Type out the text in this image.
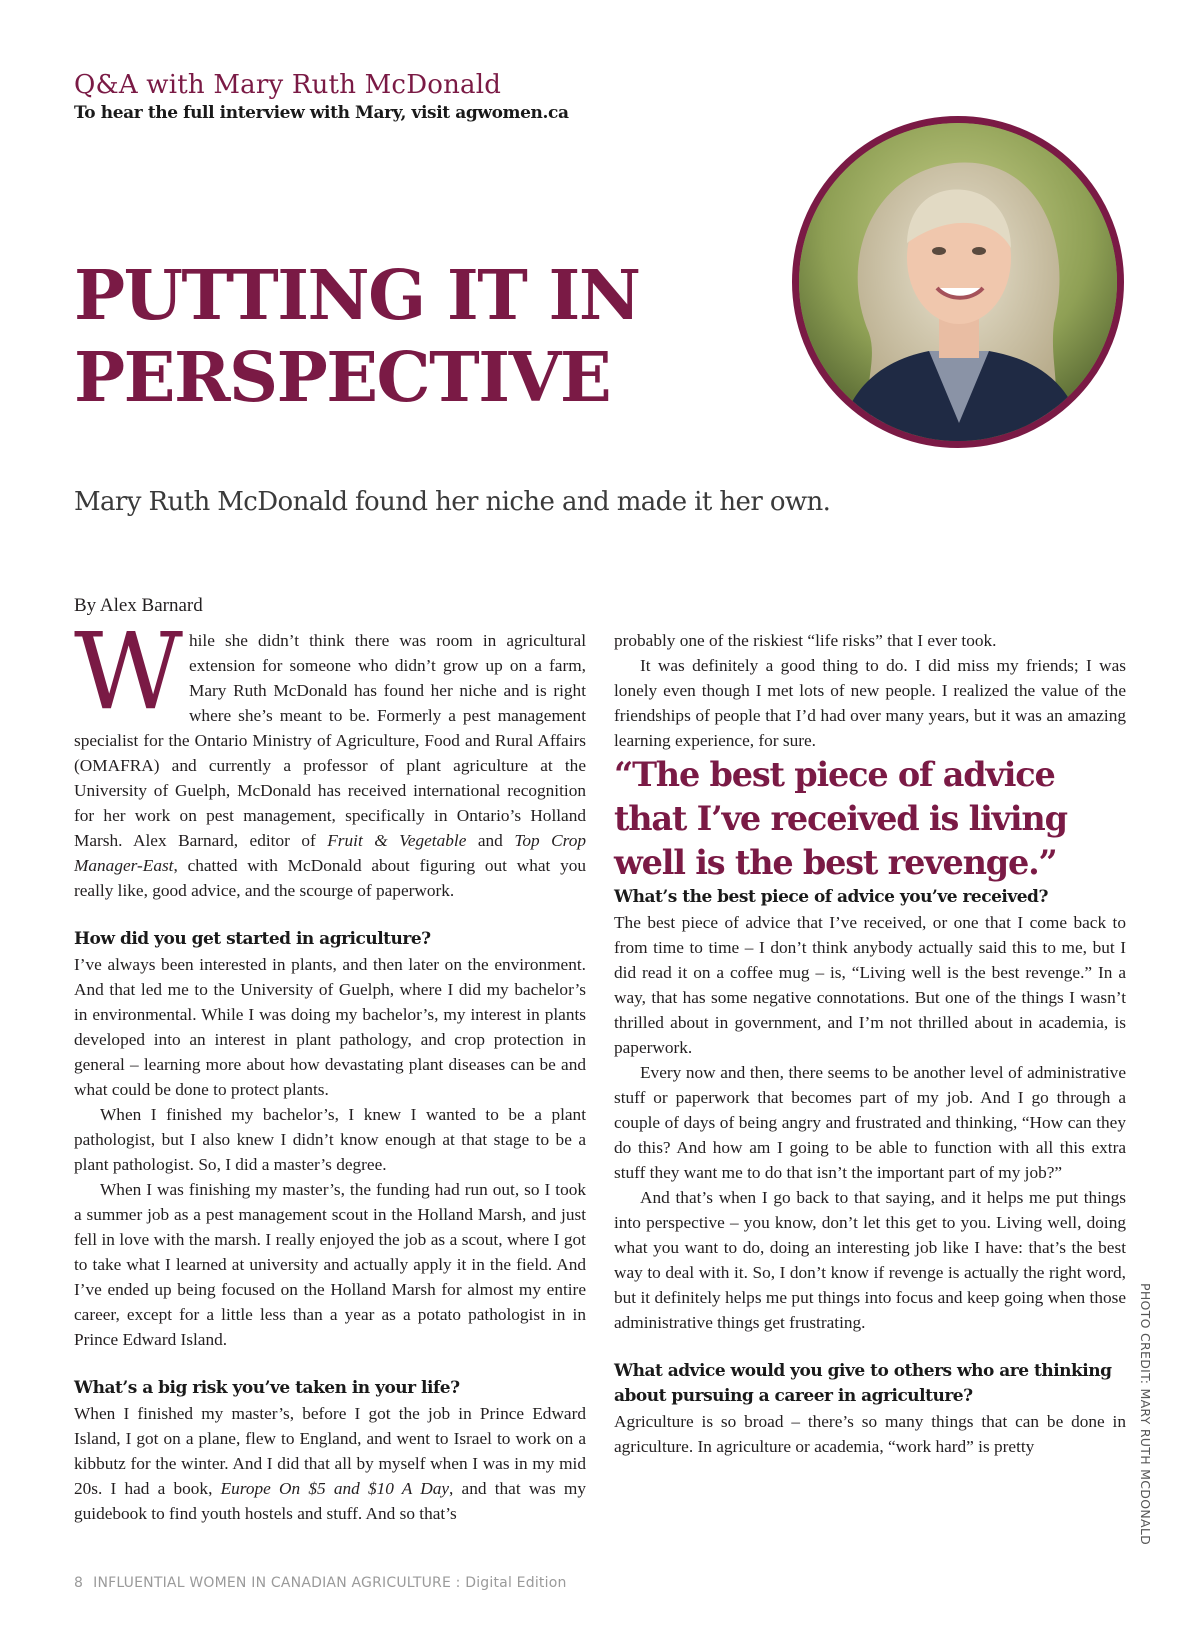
Q&A with Mary Ruth McDonald
To hear the full interview with Mary, visit agwomen.ca
PUTTING IT IN
PERSPECTIVE
Mary Ruth McDonald found her niche and made it her own.
By Alex Barnard

While she didn’t think there was room in agricultural extension for someone who didn’t grow up on a farm, Mary Ruth McDonald has found her niche and is right where she’s meant to be. Formerly a pest management specialist for the Ontario Ministry of Agriculture, Food and Rural Affairs (OMAFRA) and currently a professor of plant agriculture at the University of Guelph, McDonald has received international recognition for her work on pest management, specifically in Ontario’s Holland Marsh. Alex Barnard, editor of Fruit & Vegetable and Top Crop Manager-East, chatted with McDonald about figuring out what you really like, good advice, and the scourge of paperwork.

How did you get started in agriculture?

I’ve always been interested in plants, and then later on the environment. And that led me to the University of Guelph, where I did my bachelor’s in environmental. While I was doing my bachelor’s, my interest in plants developed into an interest in plant pathology, and crop protection in general – learning more about how devastating plant diseases can be and what could be done to protect plants.

When I finished my bachelor’s, I knew I wanted to be a plant pathologist, but I also knew I didn’t know enough at that stage to be a plant pathologist. So, I did a master’s degree.

When I was finishing my master’s, the funding had run out, so I took a summer job as a pest management scout in the Holland Marsh, and just fell in love with the marsh. I really enjoyed the job as a scout, where I got to take what I learned at university and actually apply it in the field. And I’ve ended up being focused on the Holland Marsh for almost my entire career, except for a little less than a year as a potato pathologist in in Prince Edward Island.

What’s a big risk you’ve taken in your life?

When I finished my master’s, before I got the job in Prince Edward Island, I got on a plane, flew to England, and went to Israel to work on a kibbutz for the winter. And I did that all by myself when I was in my mid 20s. I had a book, Europe On $5 and $10 A Day, and that was my guidebook to find youth hostels and stuff. And so that’s

probably one of the riskiest “life risks” that I ever took.

It was definitely a good thing to do. I did miss my friends; I was lonely even though I met lots of new people. I realized the value of the friendships of people that I’d had over many years, but it was an amazing learning experience, for sure.

“The best piece of advice that I’ve received is living well is the best revenge.”

What’s the best piece of advice you’ve received?

The best piece of advice that I’ve received, or one that I come back to from time to time – I don’t think anybody actually said this to me, but I did read it on a coffee mug – is, “Living well is the best revenge.” In a way, that has some negative connotations. But one of the things I wasn’t thrilled about in government, and I’m not thrilled about in academia, is paperwork.

Every now and then, there seems to be another level of administrative stuff or paperwork that becomes part of my job. And I go through a couple of days of being angry and frustrated and thinking, “How can they do this? And how am I going to be able to function with all this extra stuff they want me to do that isn’t the important part of my job?”

And that’s when I go back to that saying, and it helps me put things into perspective – you know, don’t let this get to you. Living well, doing what you want to do, doing an interesting job like I have: that’s the best way to deal with it. So, I don’t know if revenge is actually the right word, but it definitely helps me put things into focus and keep going when those administrative things get frustrating.

What advice would you give to others who are thinking about pursuing a career in agriculture?

Agriculture is so broad – there’s so many things that can be done in agriculture. In agriculture or academia, “work hard” is pretty	PHOTO CREDIT: MARY RUTH MCDONALD
8 INFLUENTIAL WOMEN IN CANADIAN AGRICULTURE : Digital Edition
